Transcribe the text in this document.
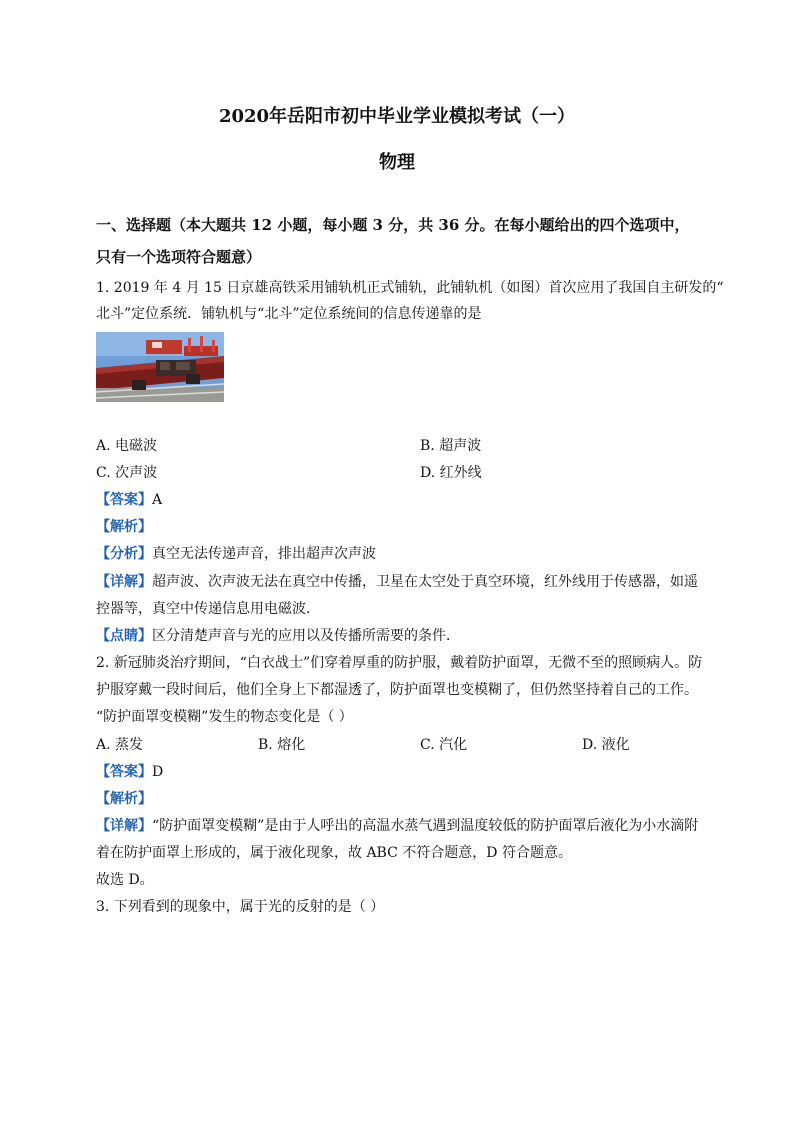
2020年岳阳市初中毕业学业模拟考试（一）
物理
一、选择题（本大题共 12 小题，每小题 3 分，共 36 分。在每小题给出的四个选项中，
只有一个选项符合题意）
1. 2019 年 4 月 15 日京雄高铁采用铺轨机正式铺轨，此铺轨机（如图）首次应用了我国自主研发的“
北斗”定位系统．铺轨机与“北斗”定位系统间的信息传递靠的是
A. 电磁波	B. 超声波
C. 次声波	D. 红外线
【答案】A
【解析】
【分析】真空无法传递声音，排出超声次声波
【详解】超声波、次声波无法在真空中传播，卫星在太空处于真空环境，红外线用于传感器，如遥
控器等，真空中传递信息用电磁波．
【点睛】区分清楚声音与光的应用以及传播所需要的条件．
2. 新冠肺炎治疗期间，“白衣战士”们穿着厚重的防护服，戴着防护面罩，无微不至的照顾病人。防
护服穿戴一段时间后，他们全身上下都湿透了，防护面罩也变模糊了，但仍然坚持着自己的工作。
“防护面罩变模糊”发生的物态变化是（ ）
A. 蒸发	B. 熔化	C. 汽化	D. 液化
【答案】D
【解析】
【详解】“防护面罩变模糊”是由于人呼出的高温水蒸气遇到温度较低的防护面罩后液化为小水滴附
着在防护面罩上形成的，属于液化现象，故 ABC 不符合题意，D 符合题意。
故选 D。
3. 下列看到的现象中，属于光的反射的是（ ）
